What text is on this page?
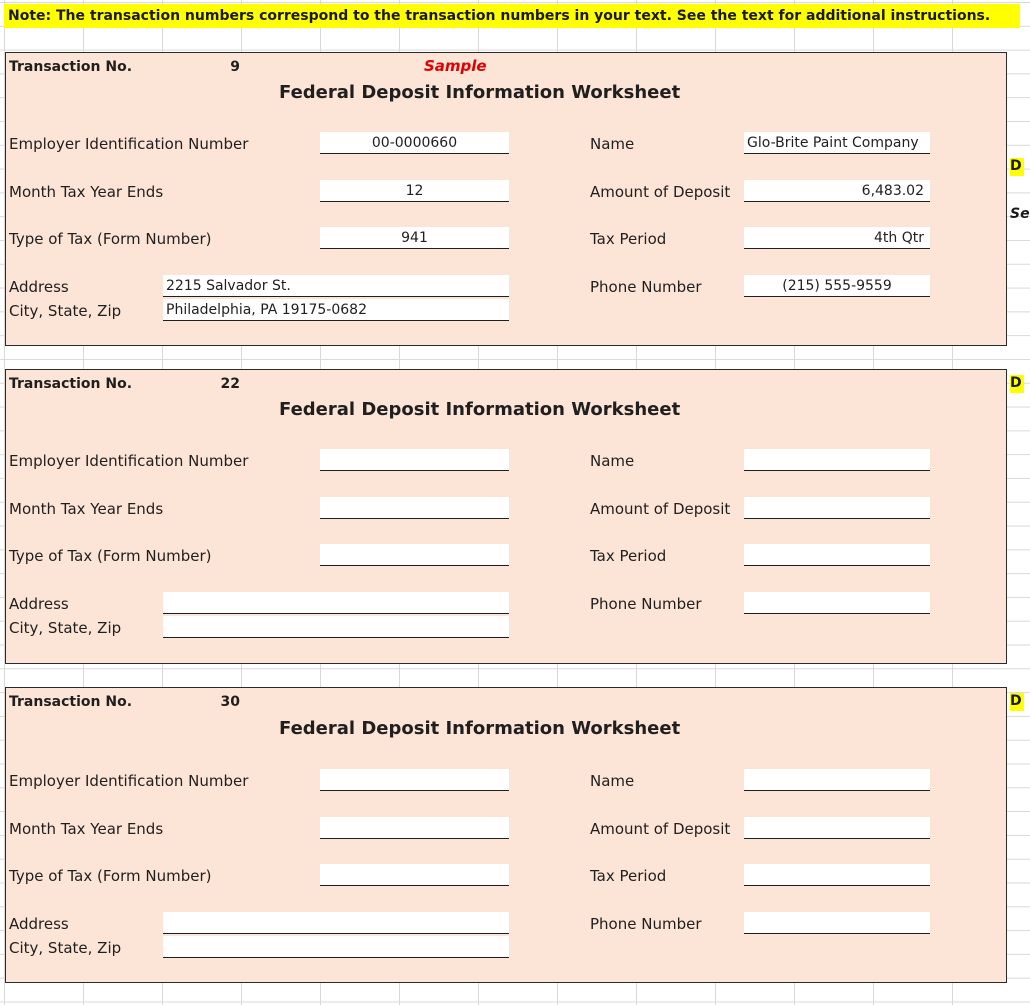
Note: The transaction numbers correspond to the transaction numbers in your text. See the text for additional instructions.
Transaction No.	9	Sample
Federal Deposit Information Worksheet
Employer Identification Number	00-0000660	Name	Glo-Brite Paint Company
Month Tax Year Ends	12	Amount of Deposit	6,483.02
Type of Tax (Form Number)	941	Tax Period	4th Qtr
Address	2215 Salvador St.	Phone Number	(215) 555-9559
City, State, Zip	Philadelphia, PA 19175-0682
Transaction No.	22
Federal Deposit Information Worksheet
Employer Identification Number	Name
Month Tax Year Ends	Amount of Deposit
Type of Tax (Form Number)	Tax Period
Address	Phone Number
City, State, Zip
Transaction No.	30
Federal Deposit Information Worksheet
Employer Identification Number	Name
Month Tax Year Ends	Amount of Deposit
Type of Tax (Form Number)	Tax Period
Address	Phone Number
City, State, Zip
D
Se
D
D
